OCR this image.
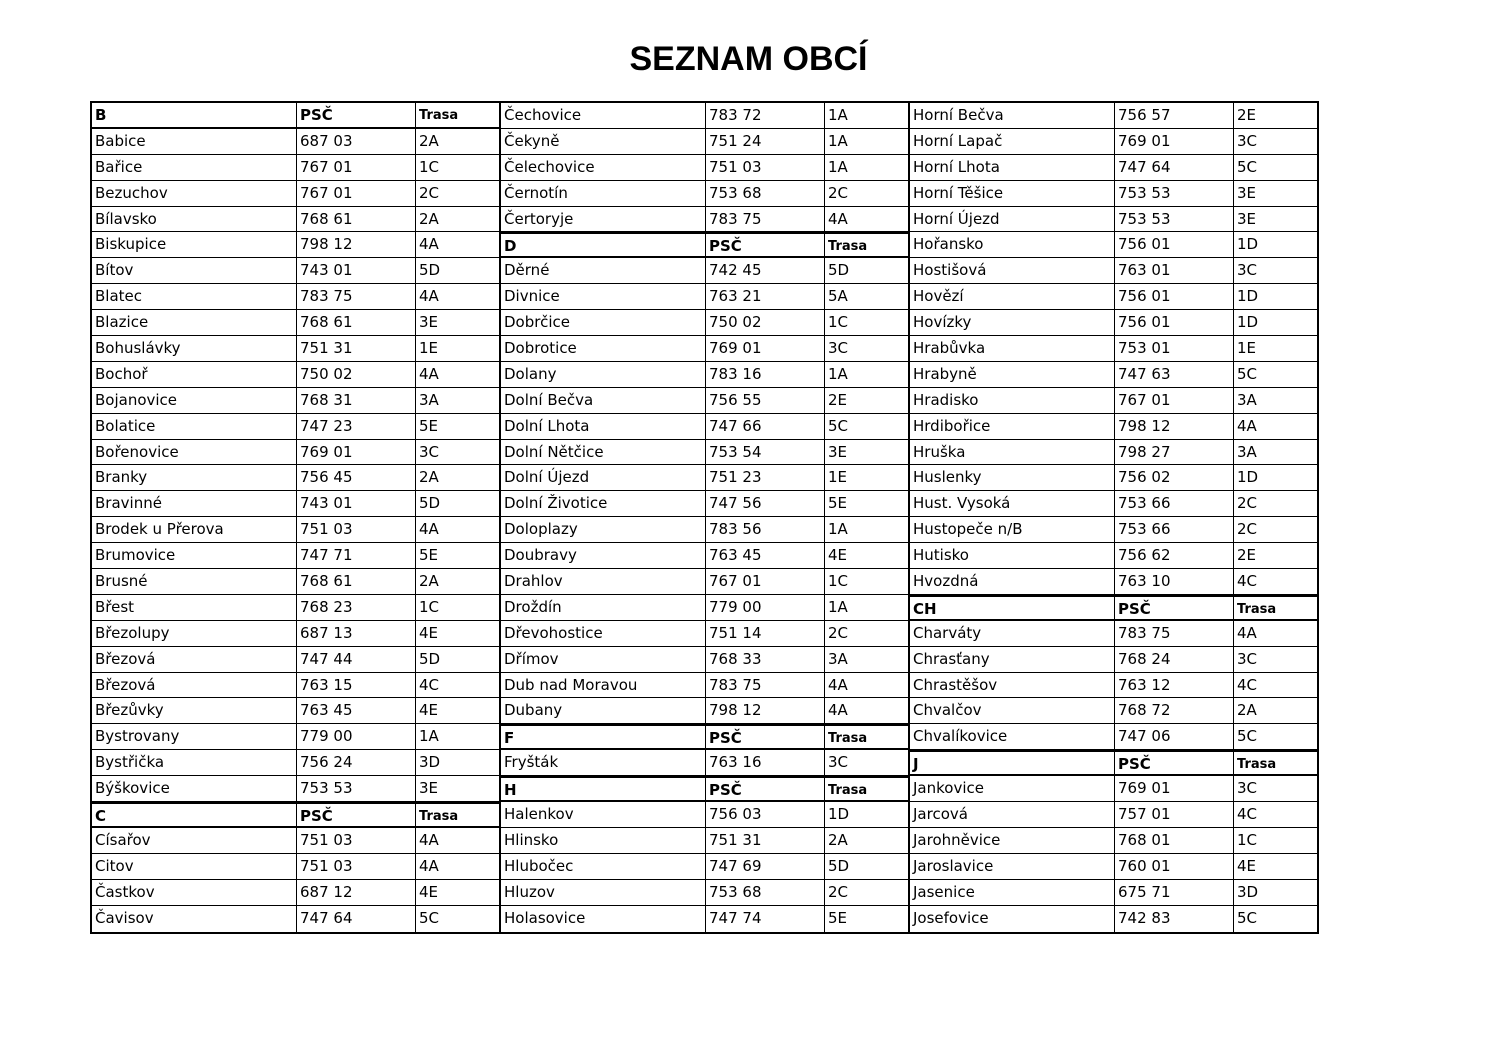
SEZNAM OBCÍ
B	PSČ	Trasa
Babice	687 03	2A
Bařice	767 01	1C
Bezuchov	767 01	2C
Bílavsko	768 61	2A
Biskupice	798 12	4A
Bítov	743 01	5D
Blatec	783 75	4A
Blazice	768 61	3E
Bohuslávky	751 31	1E
Bochoř	750 02	4A
Bojanovice	768 31	3A
Bolatice	747 23	5E
Bořenovice	769 01	3C
Branky	756 45	2A
Bravinné	743 01	5D
Brodek u Přerova	751 03	4A
Brumovice	747 71	5E
Brusné	768 61	2A
Břest	768 23	1C
Březolupy	687 13	4E
Březová	747 44	5D
Březová	763 15	4C
Březůvky	763 45	4E
Bystrovany	779 00	1A
Bystřička	756 24	3D
Býškovice	753 53	3E
C	PSČ	Trasa
Císařov	751 03	4A
Citov	751 03	4A
Častkov	687 12	4E
Čavisov	747 64	5C
Čechovice	783 72	1A
Čekyně	751 24	1A
Čelechovice	751 03	1A
Černotín	753 68	2C
Čertoryje	783 75	4A
D	PSČ	Trasa
Děrné	742 45	5D
Divnice	763 21	5A
Dobrčice	750 02	1C
Dobrotice	769 01	3C
Dolany	783 16	1A
Dolní Bečva	756 55	2E
Dolní Lhota	747 66	5C
Dolní Nětčice	753 54	3E
Dolní Újezd	751 23	1E
Dolní Životice	747 56	5E
Doloplazy	783 56	1A
Doubravy	763 45	4E
Drahlov	767 01	1C
Droždín	779 00	1A
Dřevohostice	751 14	2C
Dřímov	768 33	3A
Dub nad Moravou	783 75	4A
Dubany	798 12	4A
F	PSČ	Trasa
Fryšták	763 16	3C
H	PSČ	Trasa
Halenkov	756 03	1D
Hlinsko	751 31	2A
Hlubočec	747 69	5D
Hluzov	753 68	2C
Holasovice	747 74	5E
Horní Bečva	756 57	2E
Horní Lapač	769 01	3C
Horní Lhota	747 64	5C
Horní Těšice	753 53	3E
Horní Újezd	753 53	3E
Hořansko	756 01	1D
Hostišová	763 01	3C
Hovězí	756 01	1D
Hovízky	756 01	1D
Hrabůvka	753 01	1E
Hrabyně	747 63	5C
Hradisko	767 01	3A
Hrdibořice	798 12	4A
Hruška	798 27	3A
Huslenky	756 02	1D
Hust. Vysoká	753 66	2C
Hustopeče n/B	753 66	2C
Hutisko	756 62	2E
Hvozdná	763 10	4C
CH	PSČ	Trasa
Charváty	783 75	4A
Chrasťany	768 24	3C
Chrastěšov	763 12	4C
Chvalčov	768 72	2A
Chvalíkovice	747 06	5C
J	PSČ	Trasa
Jankovice	769 01	3C
Jarcová	757 01	4C
Jarohněvice	768 01	1C
Jaroslavice	760 01	4E
Jasenice	675 71	3D
Josefovice	742 83	5C
